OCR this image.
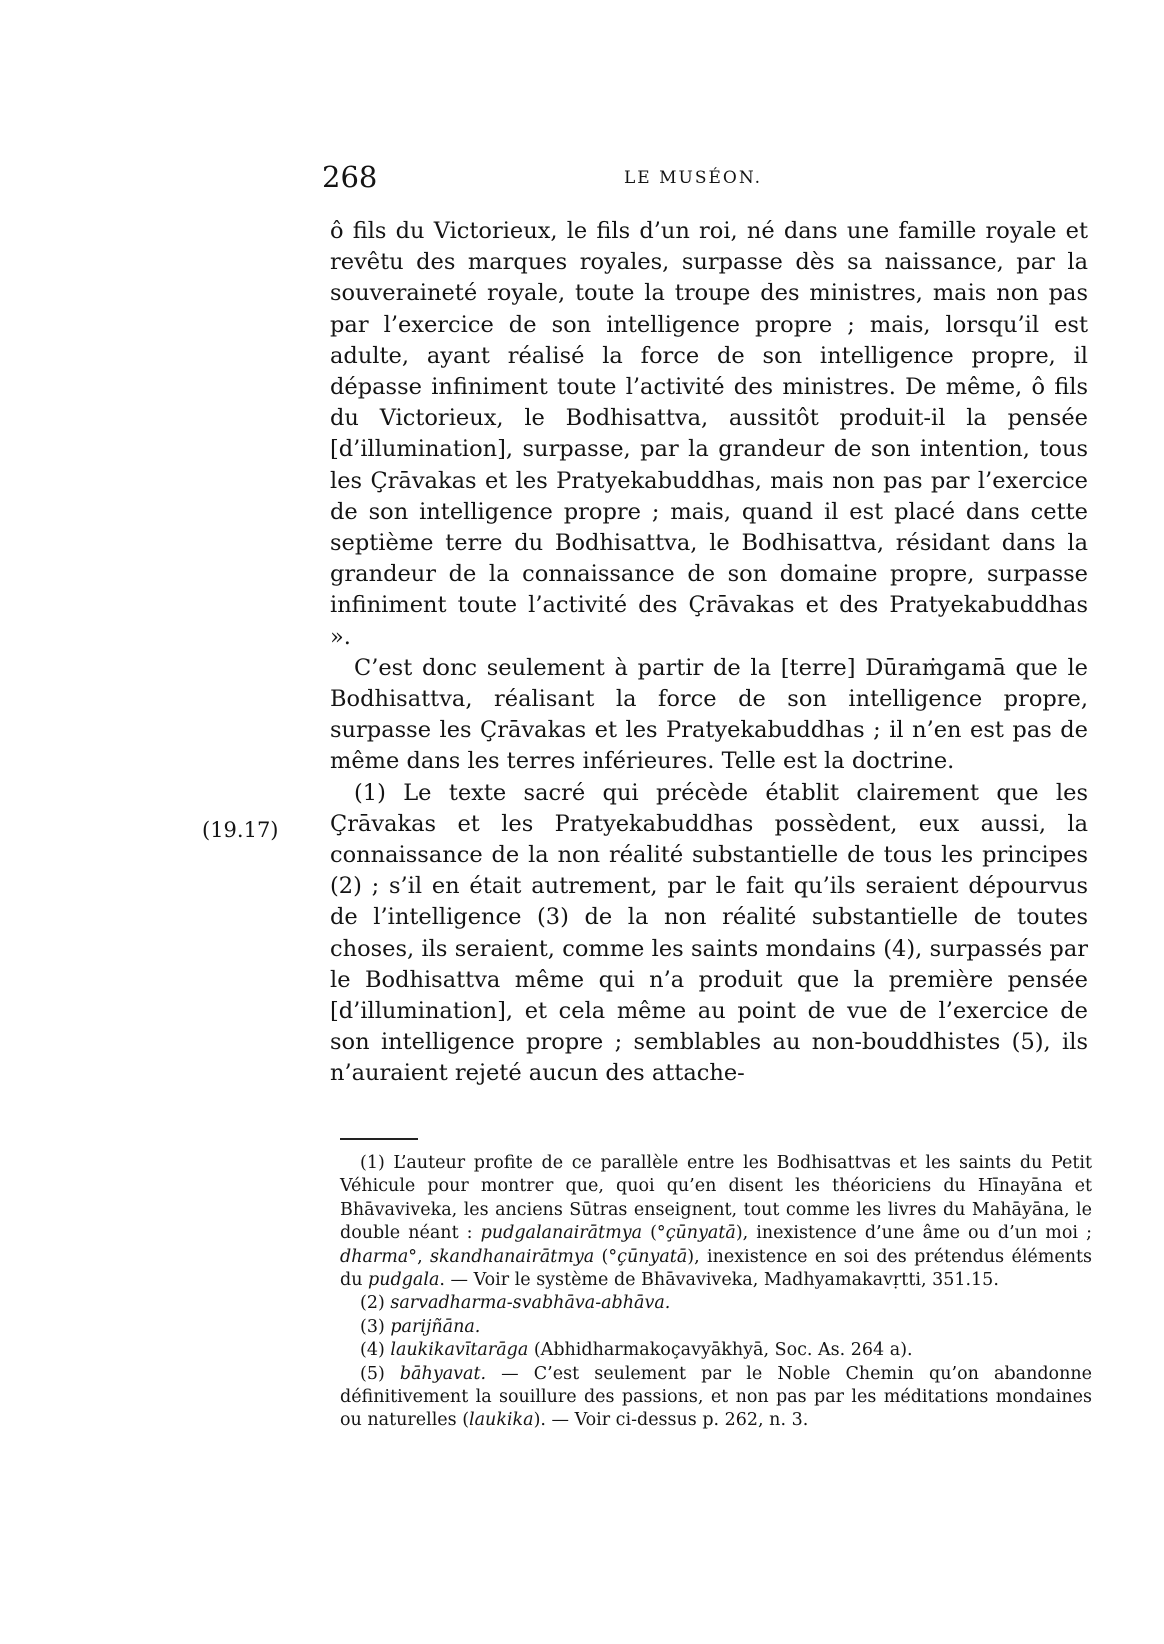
268	LE MUSÉON.
(19.17)

ô fils du Victorieux, le fils d’un roi, né dans une famille royale et revêtu des marques royales, surpasse dès sa naissance, par la souveraineté royale, toute la troupe des ministres, mais non pas par l’exercice de son intelligence propre ; mais, lorsqu’il est adulte, ayant réalisé la force de son intelligence propre, il dépasse infiniment toute l’activité des ministres. De même, ô fils du Victorieux, le Bodhisattva, aussitôt produit-il la pensée [d’illumination], surpasse, par la grandeur de son intention, tous les Çrāvakas et les Pratyekabuddhas, mais non pas par l’exercice de son intelligence propre ; mais, quand il est placé dans cette septième terre du Bodhisattva, le Bodhisattva, résidant dans la grandeur de la connaissance de son domaine propre, surpasse infiniment toute l’activité des Çrāvakas et des Pratyekabuddhas ».

C’est donc seulement à partir de la [terre] Dūraṁgamā que le Bodhisattva, réalisant la force de son intelligence propre, surpasse les Çrāvakas et les Pratyekabuddhas ; il n’en est pas de même dans les terres inférieures. Telle est la doctrine.

(1) Le texte sacré qui précède établit clairement que les Çrāvakas et les Pratyekabuddhas possèdent, eux aussi, la connaissance de la non réalité substantielle de tous les principes (2) ; s’il en était autrement, par le fait qu’ils seraient dépourvus de l’intelligence (3) de la non réalité substantielle de toutes choses, ils seraient, comme les saints mondains (4), surpassés par le Bodhisattva même qui n’a produit que la première pensée [d’illumination], et cela même au point de vue de l’exercice de son intelligence propre ; semblables au non-bouddhistes (5), ils n’auraient rejeté aucun des attache-

(1) L’auteur profite de ce parallèle entre les Bodhisattvas et les saints du Petit Véhicule pour montrer que, quoi qu’en disent les théoriciens du Hīnayāna et Bhāvaviveka, les anciens Sūtras enseignent, tout comme les livres du Mahāyāna, le double néant : pudgalanairātmya (°çūnyatā), inexistence d’une âme ou d’un moi ; dharma°, skandhanairātmya (°çūnyatā), inexistence en soi des prétendus éléments du pudgala. — Voir le système de Bhāvaviveka, Madhyamakavṛtti, 351.15.

(2) sarvadharma-svabhāva-abhāva.

(3) parijñāna.

(4) laukikavītarāga (Abhidharmakoçavyākhyā, Soc. As. 264 a).

(5) bāhyavat. — C’est seulement par le Noble Chemin qu’on abandonne définitivement la souillure des passions, et non pas par les méditations mondaines ou naturelles (laukika). — Voir ci-dessus p. 262, n. 3.
